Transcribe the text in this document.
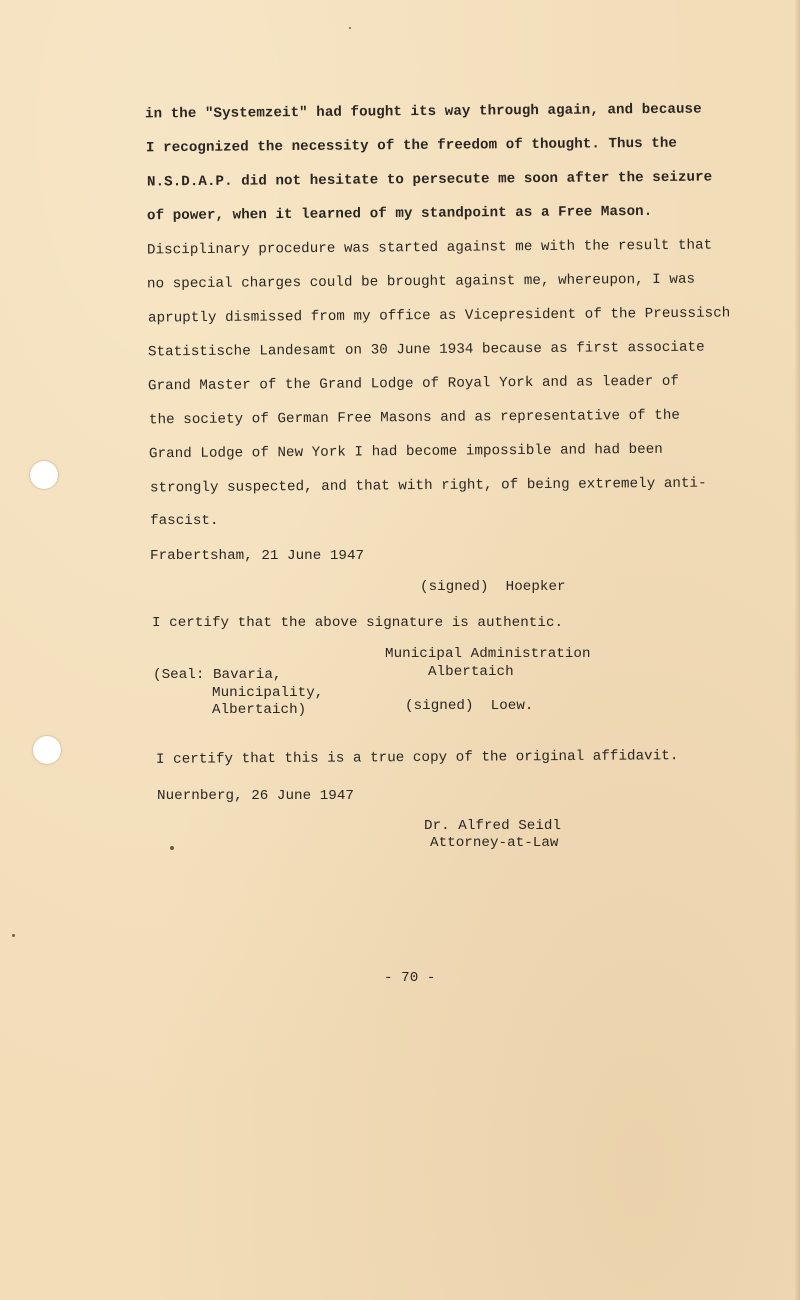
in the "Systemzeit" had fought its way through again, and because
I recognized the necessity of the freedom of thought. Thus the
N.S.D.A.P. did not hesitate to persecute me soon after the seizure
of power, when it learned of my standpoint as a Free Mason.
Disciplinary procedure was started against me with the result that
no special charges could be brought against me, whereupon, I was
apruptly dismissed from my office as Vicepresident of the Preussisch
Statistische Landesamt on 30 June 1934 because as first associate
Grand Master of the Grand Lodge of Royal York and as leader of
the society of German Free Masons and as representative of the
Grand Lodge of New York I had become impossible and had been
strongly suspected, and that with right, of being extremely anti-
fascist.
Frabertsham, 21 June 1947
(signed)  Hoepker
I certify that the above signature is authentic.
Municipal Administration
Albertaich
(signed)  Loew.
(Seal: Bavaria,
Municipality,
Albertaich)
I certify that this is a true copy of the original affidavit.
Nuernberg, 26 June 1947
Dr. Alfred Seidl
Attorney-at-Law
- 70 -
